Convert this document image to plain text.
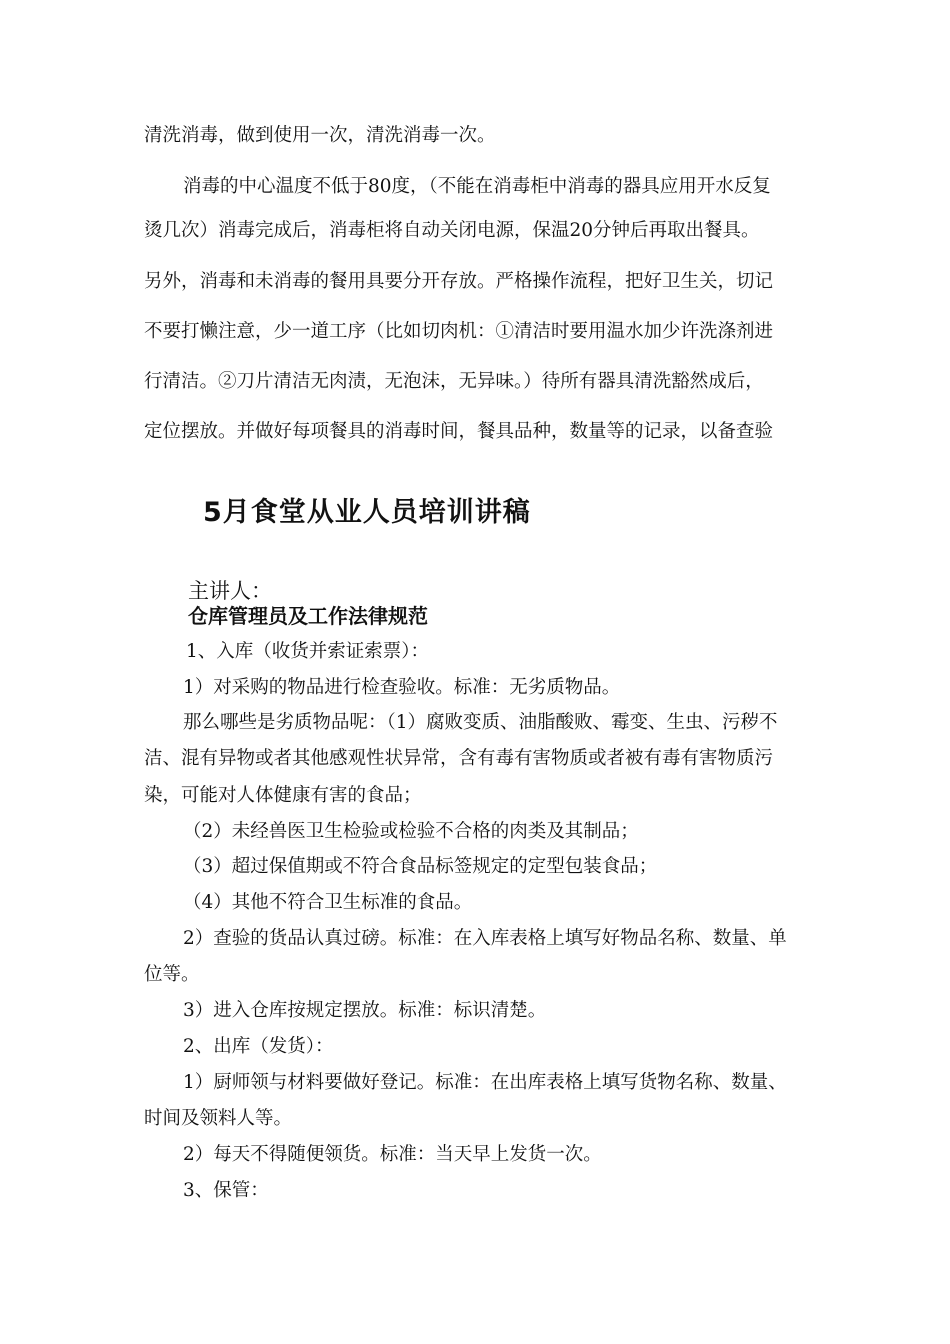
清洗消毒，做到使用一次，清洗消毒一次。
消毒的中心温度不低于80度，（不能在消毒柜中消毒的器具应用开水反复
烫几次）消毒完成后，消毒柜将自动关闭电源，保温20分钟后再取出餐具。
另外，消毒和未消毒的餐用具要分开存放。严格操作流程，把好卫生关，切记
不要打懒注意，少一道工序（比如切肉机：①清洁时要用温水加少许洗涤剂进
行清洁。②刀片清洁无肉渍，无泡沫，无异味。）待所有器具清洗豁然成后，
定位摆放。并做好每项餐具的消毒时间，餐具品种，数量等的记录，以备查验
5月食堂从业人员培训讲稿
主讲人：
仓库管理员及工作法律规范
1、入库（收货并索证索票）：
1）对采购的物品进行检查验收。标准：无劣质物品。
那么哪些是劣质物品呢：（1）腐败变质、油脂酸败、霉变、生虫、污秽不
洁、混有异物或者其他感观性状异常，含有毒有害物质或者被有毒有害物质污
染，可能对人体健康有害的食品；
（2）未经兽医卫生检验或检验不合格的肉类及其制品；
（3）超过保值期或不符合食品标签规定的定型包装食品；
（4）其他不符合卫生标准的食品。
2）查验的货品认真过磅。标准：在入库表格上填写好物品名称、数量、单
位等。
3）进入仓库按规定摆放。标准：标识清楚。
2、出库（发货）：
1）厨师领与材料要做好登记。标准：在出库表格上填写货物名称、数量、
时间及领料人等。
2）每天不得随便领货。标准：当天早上发货一次。
3、保管：
